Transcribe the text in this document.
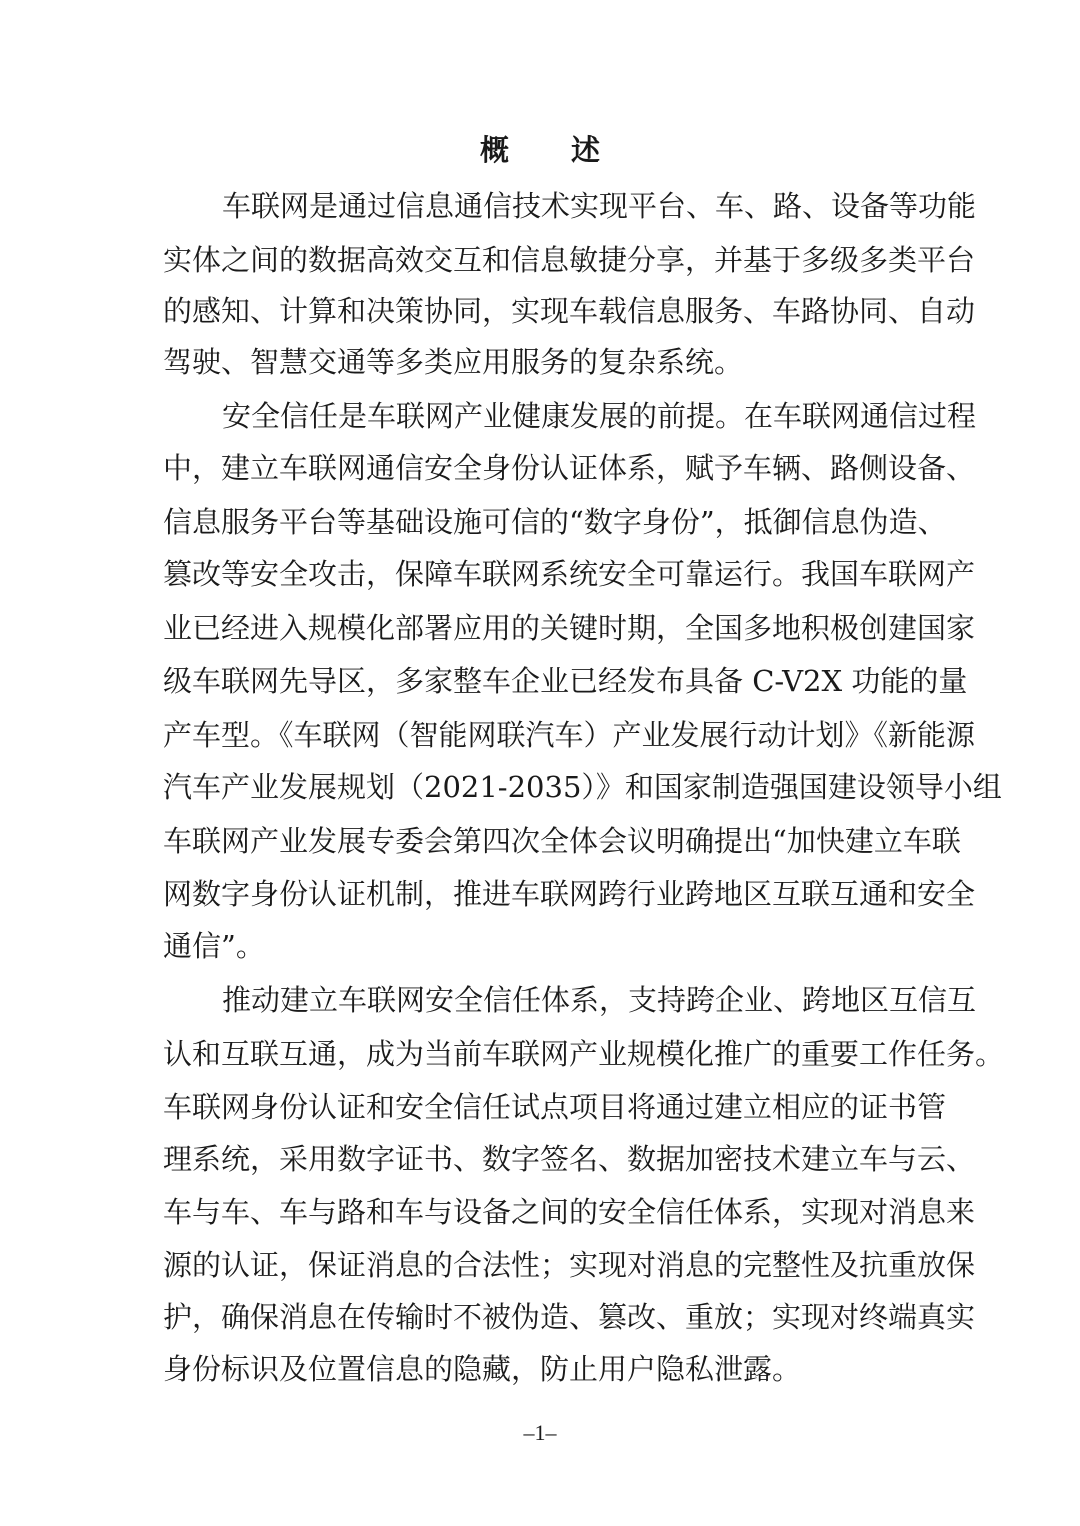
概 述
车联网是通过信息通信技术实现平台、车、路、设备等功能
实体之间的数据高效交互和信息敏捷分享，并基于多级多类平台
的感知、计算和决策协同，实现车载信息服务、车路协同、自动
驾驶、智慧交通等多类应用服务的复杂系统。
安全信任是车联网产业健康发展的前提。在车联网通信过程
中，建立车联网通信安全身份认证体系，赋予车辆、路侧设备、
信息服务平台等基础设施可信的“数字身份”，抵御信息伪造、
篡改等安全攻击，保障车联网系统安全可靠运行。我国车联网产
业已经进入规模化部署应用的关键时期，全国多地积极创建国家
级车联网先导区，多家整车企业已经发布具备 C-V2X 功能的量
产车型。《车联网（智能网联汽车）产业发展行动计划》《新能源
汽车产业发展规划（2021-2035）》和国家制造强国建设领导小组
车联网产业发展专委会第四次全体会议明确提出“加快建立车联
网数字身份认证机制，推进车联网跨行业跨地区互联互通和安全
通信”。
推动建立车联网安全信任体系，支持跨企业、跨地区互信互
认和互联互通，成为当前车联网产业规模化推广的重要工作任务。
车联网身份认证和安全信任试点项目将通过建立相应的证书管
理系统，采用数字证书、数字签名、数据加密技术建立车与云、
车与车、车与路和车与设备之间的安全信任体系，实现对消息来
源的认证，保证消息的合法性；实现对消息的完整性及抗重放保
护，确保消息在传输时不被伪造、篡改、重放；实现对终端真实
身份标识及位置信息的隐藏，防止用户隐私泄露。
–1–
